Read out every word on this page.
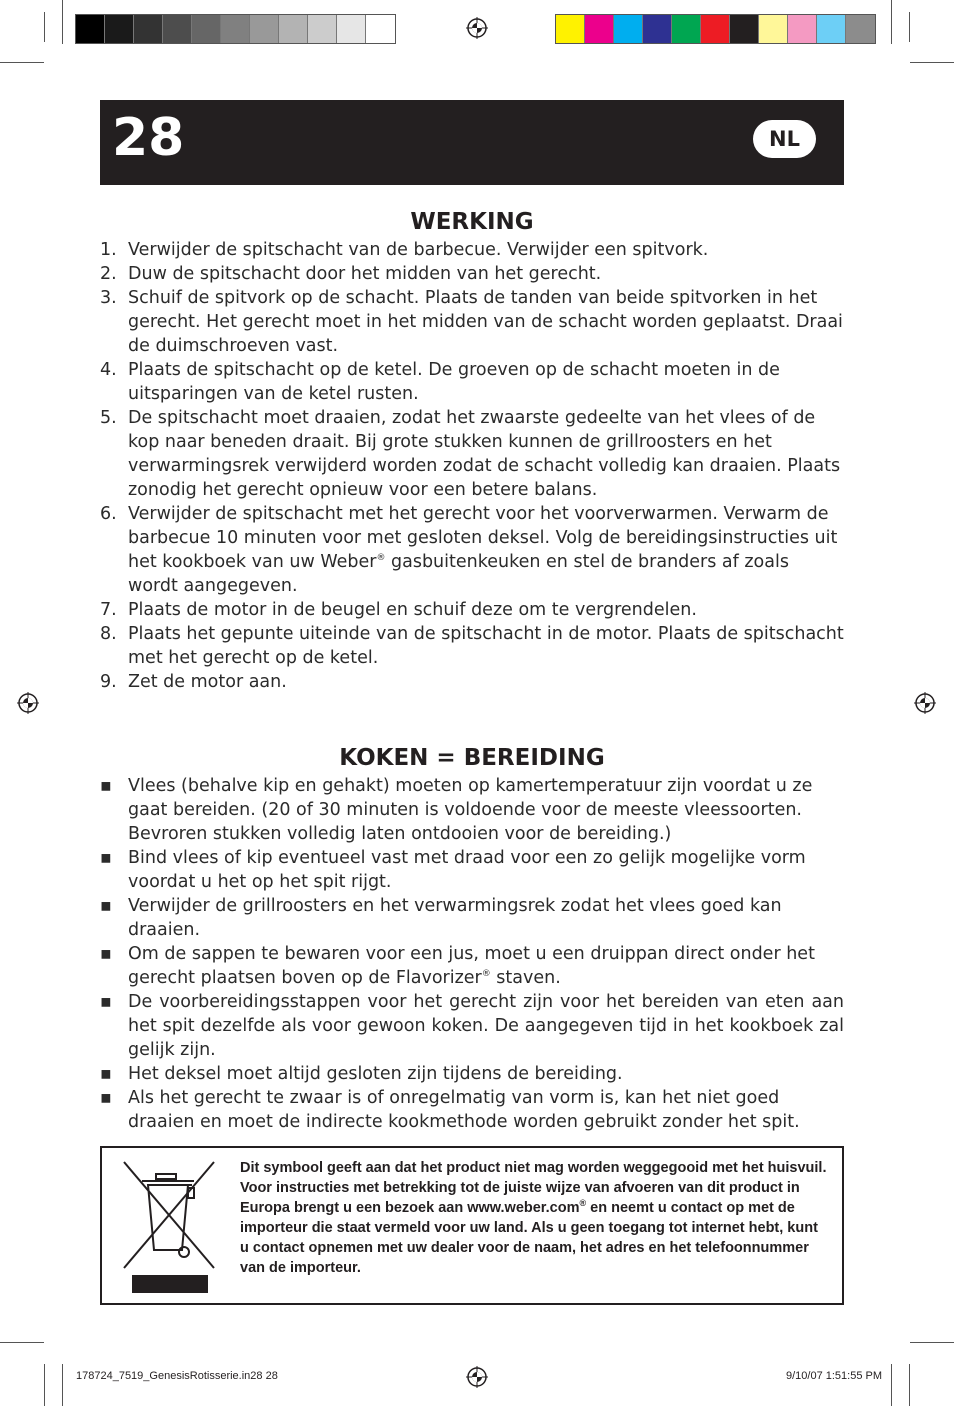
28	NL
WERKING
1. Verwijder de spitschacht van de barbecue. Verwijder een spitvork.
2. Duw de spitschacht door het midden van het gerecht.
3. Schuif de spitvork op de schacht. Plaats de tanden van beide spitvorken in het gerecht. Het gerecht moet in het midden van de schacht worden geplaatst. Draai de duimschroeven vast.
4. Plaats de spitschacht op de ketel. De groeven op de schacht moeten in de uitsparingen van de ketel rusten.
5. De spitschacht moet draaien, zodat het zwaarste gedeelte van het vlees of de kop naar beneden draait. Bij grote stukken kunnen de grillroosters en het verwarmingsrek verwijderd worden zodat de schacht volledig kan draaien. Plaats zonodig het gerecht opnieuw voor een betere balans.
6. Verwijder de spitschacht met het gerecht voor het voorverwarmen. Verwarm de barbecue 10 minuten voor met gesloten deksel. Volg de bereidingsinstructies uit het kookboek van uw Weber® gasbuitenkeuken en stel de branders af zoals wordt aangegeven.
7. Plaats de motor in de beugel en schuif deze om te vergrendelen.
8. Plaats het gepunte uiteinde van de spitschacht in de motor. Plaats de spitschacht met het gerecht op de ketel.
9. Zet de motor aan.
KOKEN = BEREIDING
▪ Vlees (behalve kip en gehakt) moeten op kamertemperatuur zijn voordat u ze gaat bereiden. (20 of 30 minuten is voldoende voor de meeste vleessoorten. Bevroren stukken volledig laten ontdooien voor de bereiding.)
▪ Bind vlees of kip eventueel vast met draad voor een zo gelijk mogelijke vorm voordat u het op het spit rijgt.
▪ Verwijder de grillroosters en het verwarmingsrek zodat het vlees goed kan draaien.
▪ Om de sappen te bewaren voor een jus, moet u een druippan direct onder het gerecht plaatsen boven op de Flavorizer® staven.
▪ De voorbereidingsstappen voor het gerecht zijn voor het bereiden van eten aan het spit dezelfde als voor gewoon koken. De aangegeven tijd in het kookboek zal gelijk zijn.
▪ Het deksel moet altijd gesloten zijn tijdens de bereiding.
▪ Als het gerecht te zwaar is of onregelmatig van vorm is, kan het niet goed draaien en moet de indirecte kookmethode worden gebruikt zonder het spit.
Dit symbool geeft aan dat het product niet mag worden weggegooid met het huisvuil. Voor instructies met betrekking tot de juiste wijze van afvoeren van dit product in Europa brengt u een bezoek aan www.weber.com® en neemt u contact op met de importeur die staat vermeld voor uw land. Als u geen toegang tot internet hebt, kunt u contact opnemen met uw dealer voor de naam, het adres en het telefoonnummer van de importeur.
178724_7519_GenesisRotisserie.in28 28	9/10/07 1:51:55 PM
